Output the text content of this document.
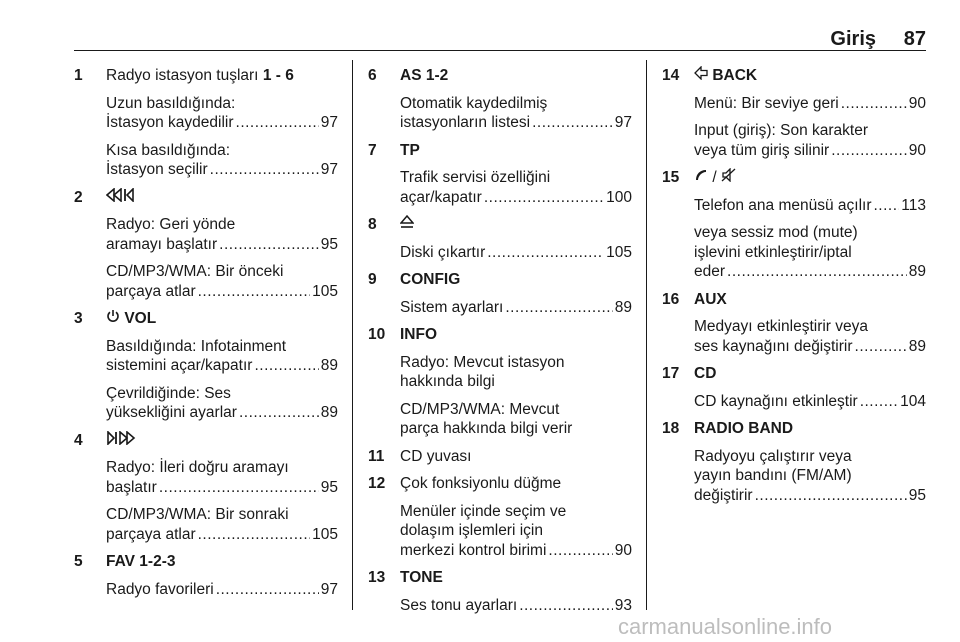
Giriş 87
1 Radyo istasyon tuşları 1 - 6
Uzun basıldığında:
İstasyon kaydedilir .....	97
Kısa basıldığında:
İstasyon seçilir .....	97
2
Radyo: Geri yönde
aramayı başlatır .....	95
CD/MP3/WMA: Bir önceki
parçaya atlar .....	105
3	VOL
Basıldığında: Infotainment
sistemini açar/kapatır .....	89
Çevrildiğinde: Ses
yüksekliğini ayarlar .....	89
4
Radyo: İleri doğru aramayı
başlatır .....	95
CD/MP3/WMA: Bir sonraki
parçaya atlar .....	105
5 FAV 1-2-3
Radyo favorileri .....	97
6 AS 1-2
Otomatik kaydedilmiş
istasyonların listesi .....	97
7 TP
Trafik servisi özelliğini
açar/kapatır .....	100
8
Diski çıkartır .....	105
9 CONFIG
Sistem ayarları .....	89
10 INFO
Radyo: Mevcut istasyon
hakkında bilgi
CD/MP3/WMA: Mevcut
parça hakkında bilgi verir
11 CD yuvası
12 Çok fonksiyonlu düğme
Menüler içinde seçim ve
dolaşım işlemleri için
merkezi kontrol birimi .....	90
13 TONE
Ses tonu ayarları .....	93
14	BACK
Menü: Bir seviye geri .....	90
Input (giriş): Son karakter
veya tüm giriş silinir .....	90
15	/
Telefon ana menüsü açılır ..... 113
veya sessiz mod (mute)
işlevini etkinleştirir/iptal
eder .....	89
16 AUX
Medyayı etkinleştirir veya
ses kaynağını değiştirir .....	89
17 CD
CD kaynağını etkinleştir .....	104
18 RADIO BAND
Radyoyu çalıştırır veya
yayın bandını (FM/AM)
değiştirir .....	95
carmanualsonline.info
